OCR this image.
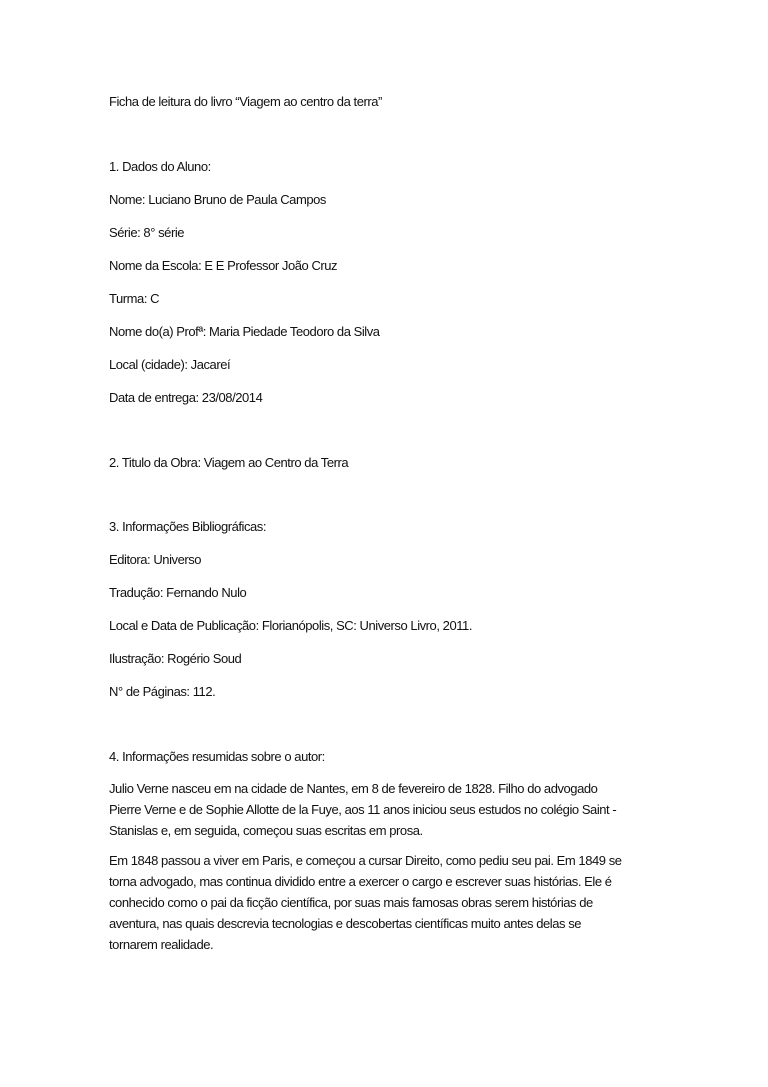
Ficha de leitura do livro “Viagem ao centro da terra”
1. Dados do Aluno:
Nome: Luciano Bruno de Paula Campos
Série: 8° série
Nome da Escola: E E Professor João Cruz
Turma: C
Nome do(a) Profª: Maria Piedade Teodoro da Silva
Local (cidade): Jacareí
Data de entrega: 23/08/2014
2. Titulo da Obra: Viagem ao Centro da Terra
3. Informações Bibliográficas:
Editora: Universo
Tradução: Fernando Nulo
Local e Data de Publicação: Florianópolis, SC: Universo Livro, 2011.
Ilustração: Rogério Soud
N° de Páginas: 112.
4. Informações resumidas sobre o autor:
Julio Verne nasceu em na cidade de Nantes, em 8 de fevereiro de 1828. Filho do advogado
Pierre Verne e de Sophie Allotte de la Fuye, aos 11 anos iniciou seus estudos no colégio Saint -
Stanislas e, em seguida, começou suas escritas em prosa.
Em 1848 passou a viver em Paris, e começou a cursar Direito, como pediu seu pai. Em 1849 se
torna advogado, mas continua dividido entre a exercer o cargo e escrever suas histórias. Ele é
conhecido como o pai da ficção científica, por suas mais famosas obras serem histórias de
aventura, nas quais descrevia tecnologias e descobertas científicas muito antes delas se
tornarem realidade.
